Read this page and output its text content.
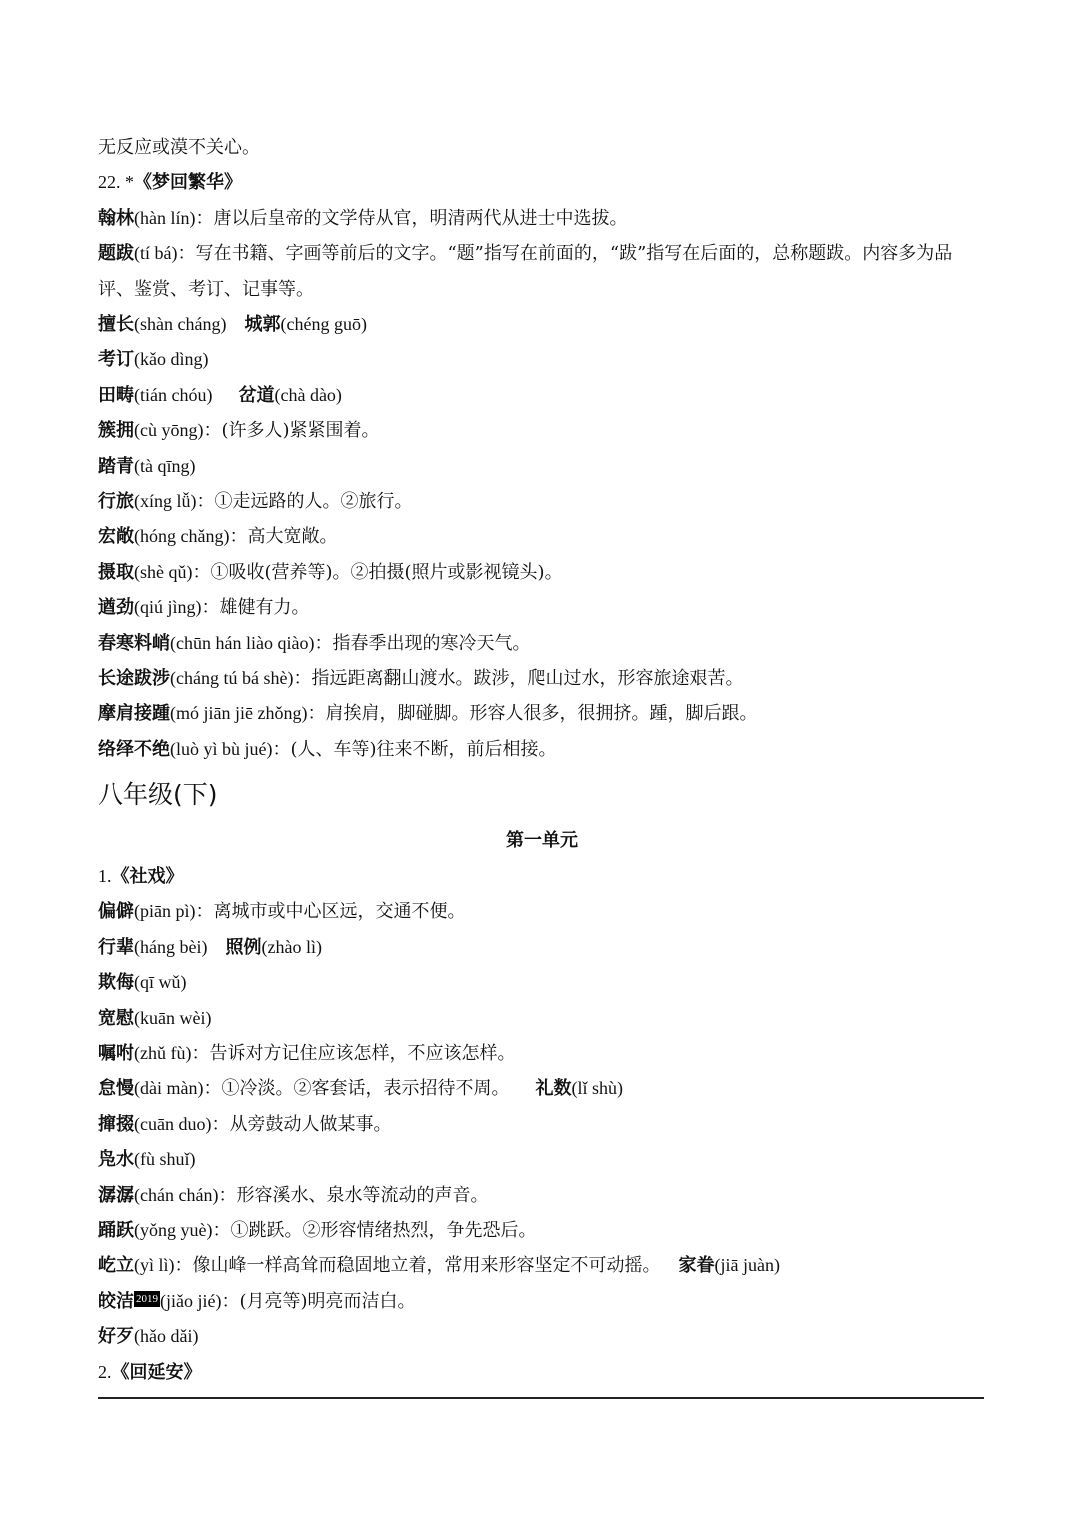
无反应或漠不关心。
22. *《梦回繁华》
翰林(hàn lín)：唐以后皇帝的文学侍从官，明清两代从进士中选拔。
题跋(tí bá)：写在书籍、字画等前后的文字。“题”指写在前面的，“跋”指写在后面的，总称题跋。内容多为品评、鉴赏、考订、记事等。
擅长(shàn cháng) 城郭(chéng guō)
考订(kǎo dìng)
田畴(tián chóu) 岔道(chà dào)
簇拥(cù yōng)：(许多人)紧紧围着。
踏青(tà qīng)
行旅(xíng lǚ)：①走远路的人。②旅行。
宏敞(hóng chǎng)：高大宽敞。
摄取(shè qǔ)：①吸收(营养等)。②拍摄(照片或影视镜头)。
遒劲(qiú jìng)：雄健有力。
春寒料峭(chūn hán liào qiào)：指春季出现的寒冷天气。
长途跋涉(cháng tú bá shè)：指远距离翻山渡水。跋涉，爬山过水，形容旅途艰苦。
摩肩接踵(mó jiān jiē zhǒng)：肩挨肩，脚碰脚。形容人很多，很拥挤。踵，脚后跟。
络绎不绝(luò yì bù jué)：(人、车等)往来不断，前后相接。
八年级(下)
第一单元
1.《社戏》
偏僻(piān pì)：离城市或中心区远，交通不便。
行辈(háng bèi) 照例(zhào lì)
欺侮(qī wǔ)
宽慰(kuān wèi)
嘱咐(zhǔ fù)：告诉对方记住应该怎样，不应该怎样。
怠慢(dài màn)：①冷淡。②客套话，表示招待不周。 礼数(lǐ shù)
撺掇(cuān duo)：从旁鼓动人做某事。
凫水(fù shuǐ)
潺潺(chán chán)：形容溪水、泉水等流动的声音。
踊跃(yǒng yuè)：①跳跃。②形容情绪热烈，争先恐后。
屹立(yì lì)：像山峰一样高耸而稳固地立着，常用来形容坚定不可动摇。 家眷(jiā juàn)
皎洁 2019 (jiǎo jié)：(月亮等)明亮而洁白。
好歹(hǎo dǎi)
2.《回延安》
